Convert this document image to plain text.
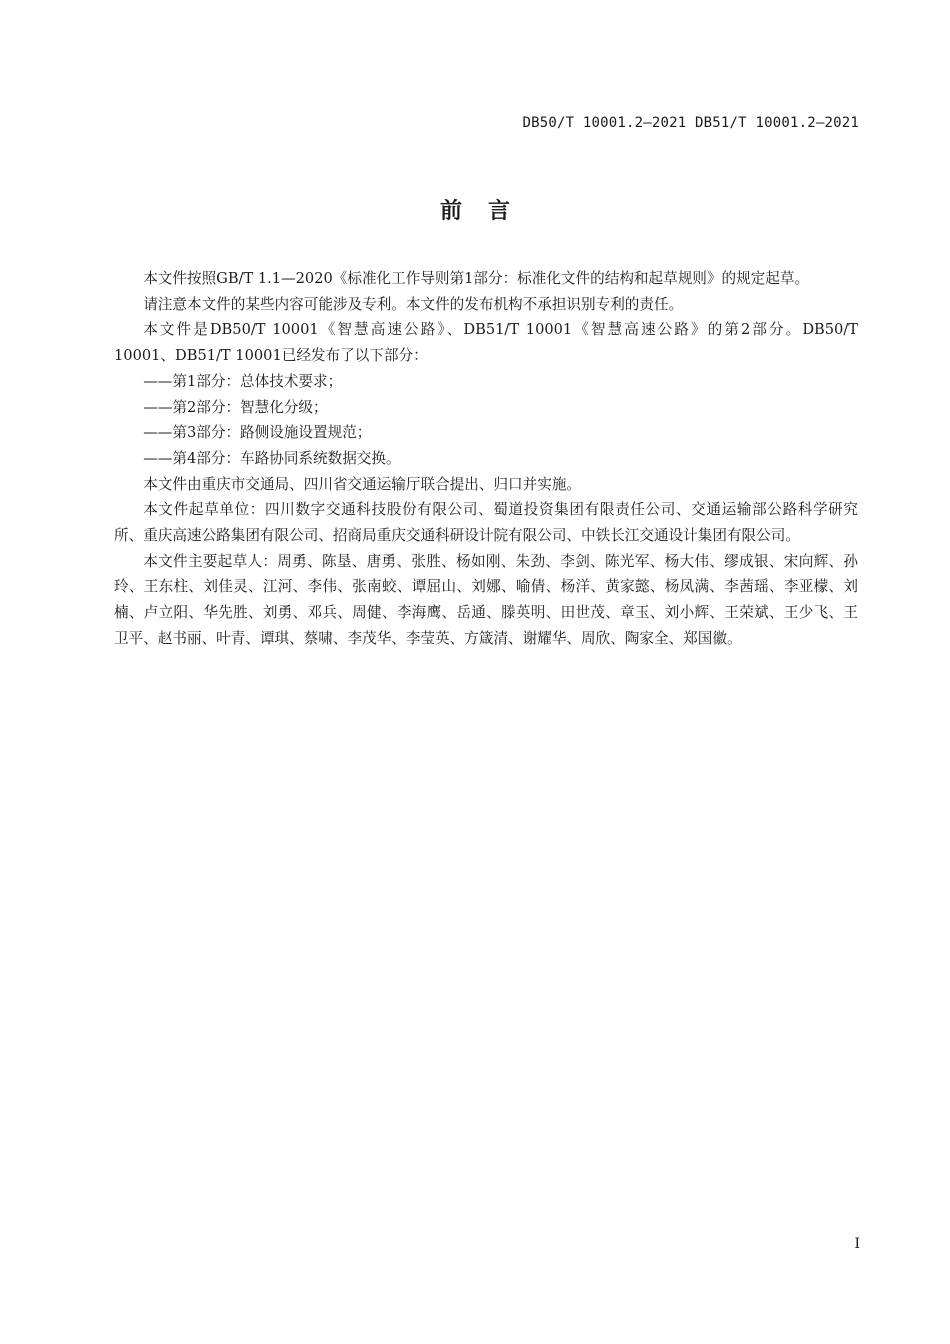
DB50/T 10001.2—2021 DB51/T 10001.2—2021
前言

本文件按照GB/T 1.1—2020《标准化工作导则第1部分：标准化文件的结构和起草规则》的规定起草。

请注意本文件的某些内容可能涉及专利。本文件的发布机构不承担识别专利的责任。

本文件是DB50/T 10001《智慧高速公路》、DB51/T 10001《智慧高速公路》的第2部分。DB50/T 10001、DB51/T 10001已经发布了以下部分：

——第1部分：总体技术要求；

——第2部分：智慧化分级；

——第3部分：路侧设施设置规范；

——第4部分：车路协同系统数据交换。

本文件由重庆市交通局、四川省交通运输厅联合提出、归口并实施。

本文件起草单位：四川数字交通科技股份有限公司、蜀道投资集团有限责任公司、交通运输部公路科学研究所、重庆高速公路集团有限公司、招商局重庆交通科研设计院有限公司、中铁长江交通设计集团有限公司。

本文件主要起草人：周勇、陈垦、唐勇、张胜、杨如刚、朱劲、李剑、陈光军、杨大伟、缪成银、宋向辉、孙玲、王东柱、刘佳灵、江河、李伟、张南蛟、谭屈山、刘娜、喻倩、杨洋、黄家懿、杨凤满、李茜瑶、李亚檬、刘楠、卢立阳、华先胜、刘勇、邓兵、周健、李海鹰、岳通、滕英明、田世茂、章玉、刘小辉、王荣斌、王少飞、王卫平、赵书丽、叶青、谭琪、蔡啸、李茂华、李莹英、方箴清、谢耀华、周欣、陶家全、郑国徽。

I
